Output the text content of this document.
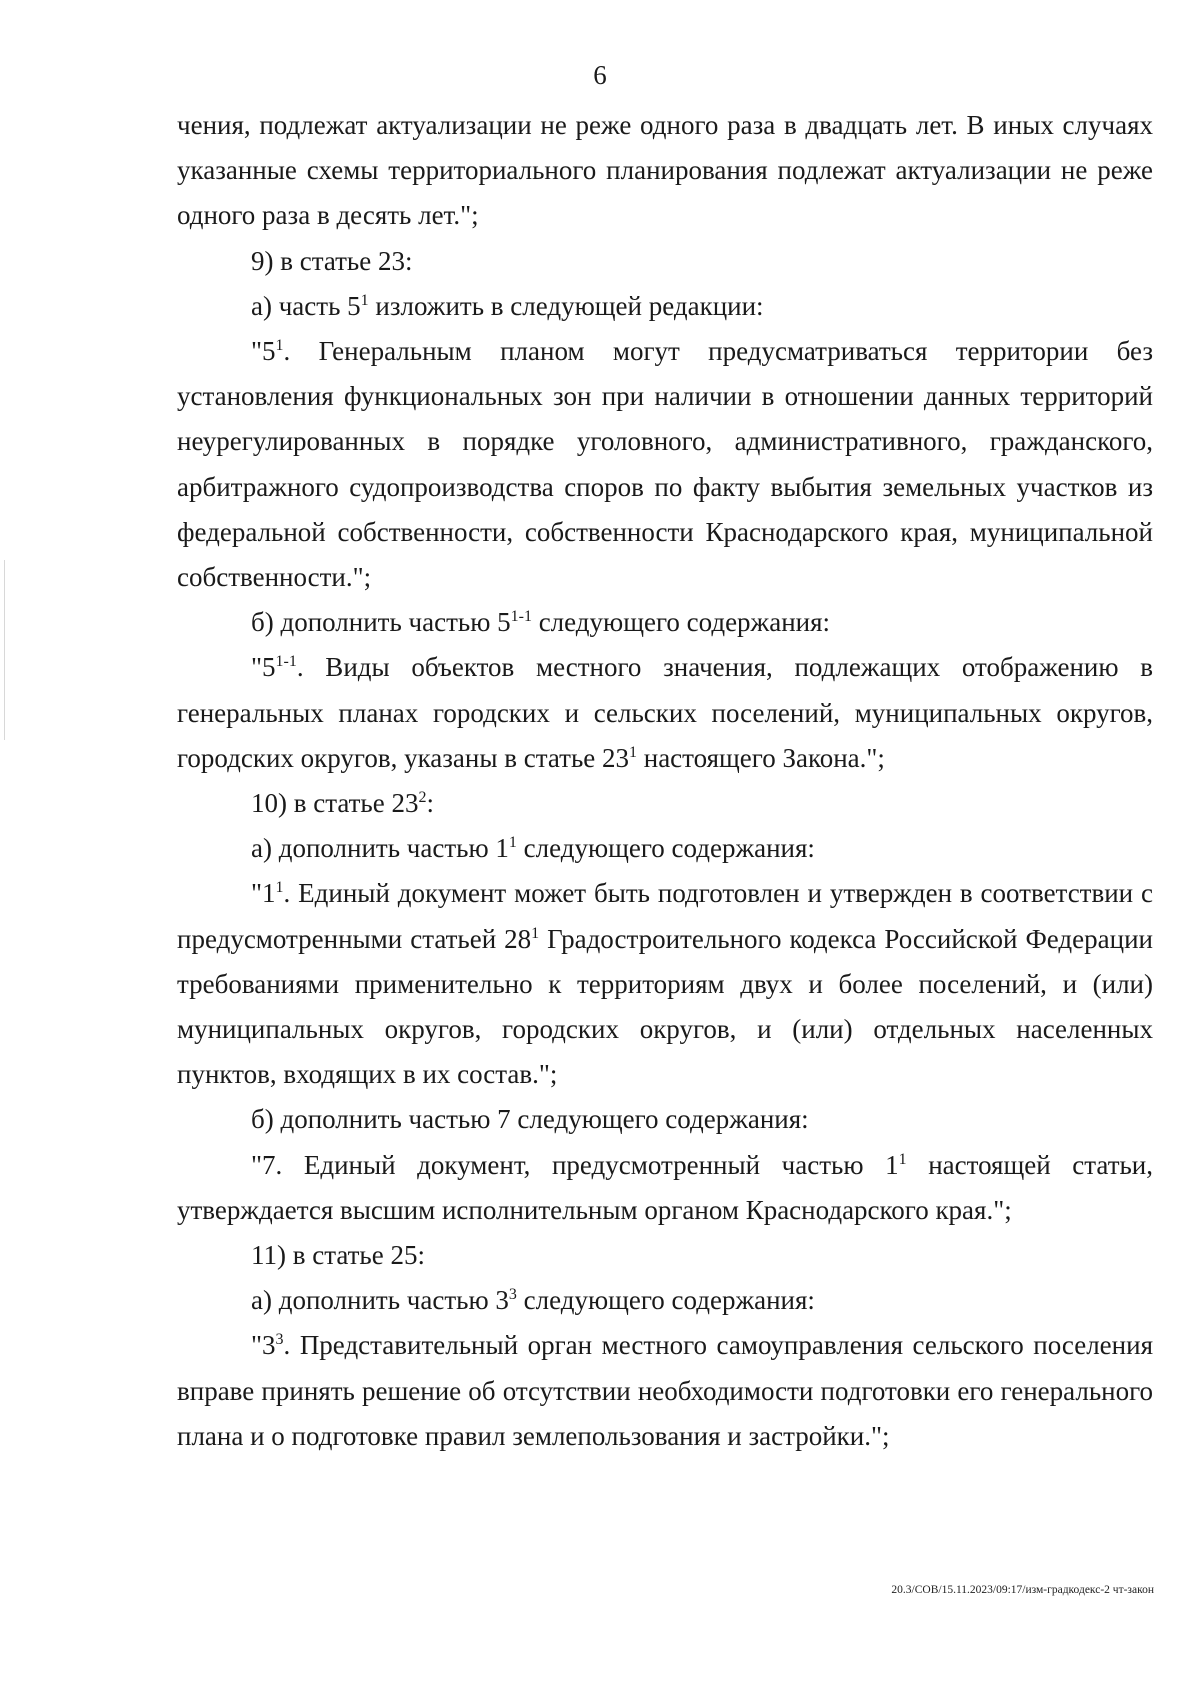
6

чения, подлежат актуализации не реже одного раза в двадцать лет. В иных случаях указанные схемы территориального планирования подлежат актуализации не реже одного раза в десять лет.";

9) в статье 23:

а) часть $5^1$ изложить в следующей редакции:

"$5^1$. Генеральным планом могут предусматриваться территории без установления функциональных зон при наличии в отношении данных территорий неурегулированных в порядке уголовного, административного, гражданского, арбитражного судопроизводства споров по факту выбытия земельных участков из федеральной собственности, собственности Краснодарского края, муниципальной собственности.";

б) дополнить частью 5$^{1-1}$ следующего содержания:

"5$^{1-1}$. Виды объектов местного значения, подлежащих отображению в генеральных планах городских и сельских поселений, муниципальных округов, городских округов, указаны в статье $23^1$ настоящего Закона.";

10) в статье $23^2$:

а) дополнить частью $1^1$ следующего содержания:

"$1^1$. Единый документ может быть подготовлен и утвержден в соответствии с предусмотренными статьей $28^1$ Градостроительного кодекса Российской Федерации требованиями применительно к территориям двух и более поселений, и (или) муниципальных округов, городских округов, и (или) отдельных населенных пунктов, входящих в их состав.";

б) дополнить частью 7 следующего содержания:

"7. Единый документ, предусмотренный частью $1^1$ настоящей статьи, утверждается высшим исполнительным органом Краснодарского края.";

11) в статье 25:

а) дополнить частью $3^3$ следующего содержания:

"$3^3$. Представительный орган местного самоуправления сельского поселения вправе принять решение об отсутствии необходимости подготовки его генерального плана и о подготовке правил землепользования и застройки.";

20.3/СОВ/15.11.2023/09:17/изм-градкодекс-2 чт-закон
